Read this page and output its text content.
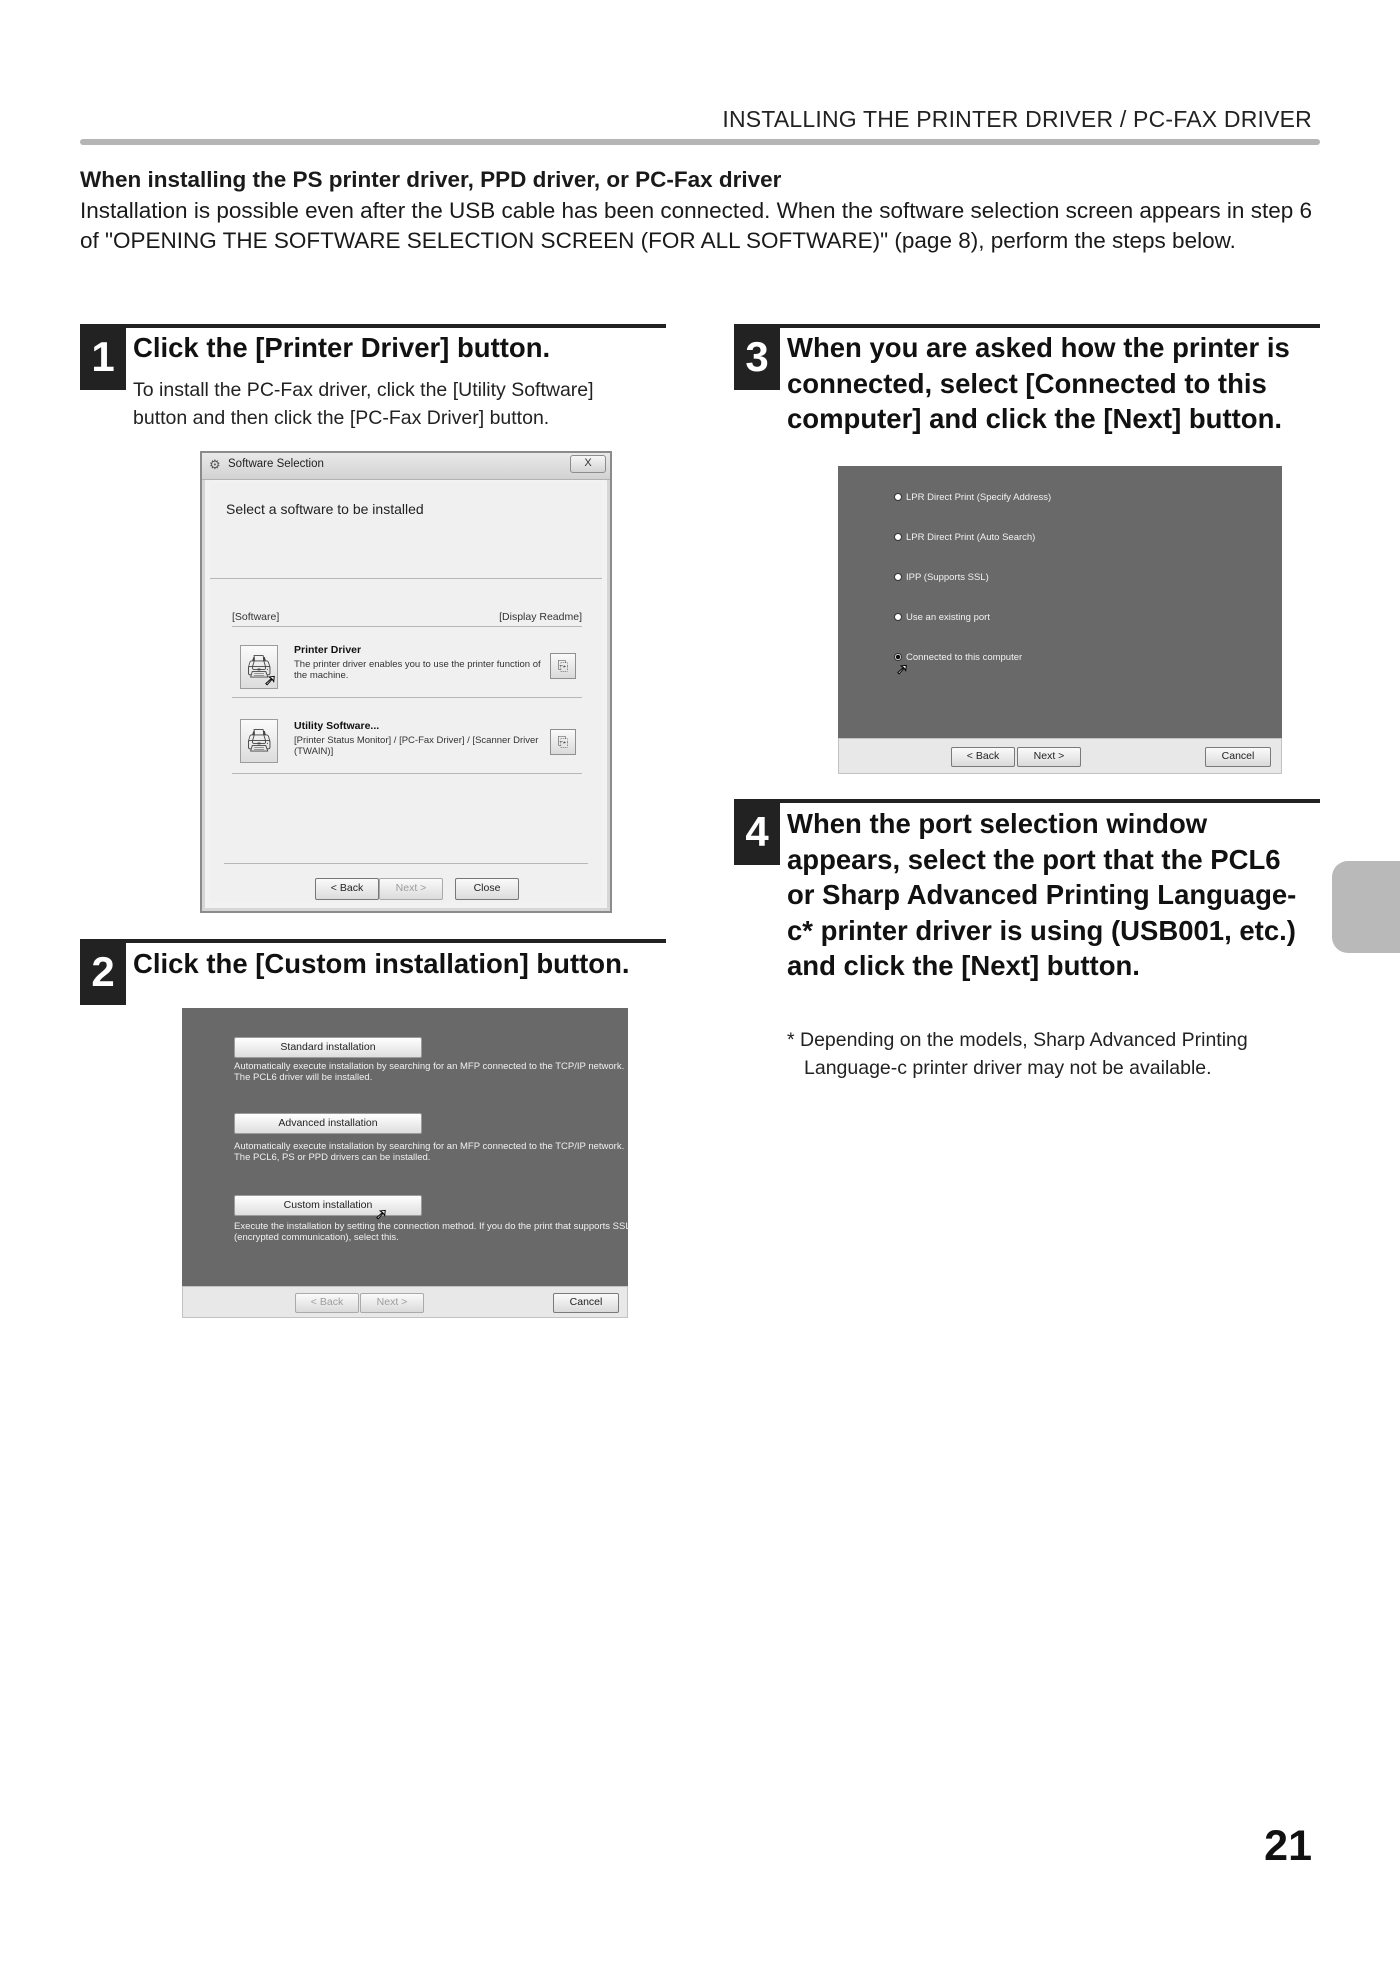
INSTALLING THE PRINTER DRIVER / PC-FAX DRIVER
When installing the PS printer driver, PPD driver, or PC-Fax driver
Installation is possible even after the USB cable has been connected. When the software selection screen appears in step 6 of "OPENING THE SOFTWARE SELECTION SCREEN (FOR ALL SOFTWARE)" (page 8), perform the steps below.
1 Click the [Printer Driver] button.
To install the PC-Fax driver, click the [Utility Software] button and then click the [PC-Fax Driver] button.
⚙ Software Selection	X
Select a software to be installed
[Software]	[Display Readme]
🖨
Printer Driver
The printer driver enables you to use the printer function of the machine.
⎘
➚
🖨
Utility Software...
[Printer Status Monitor] / [PC-Fax Driver] / [Scanner Driver (TWAIN)]
⎘
< Back	Next >	Close
2 Click the [Custom installation] button.
Standard installation
Automatically execute installation by searching for an MFP connected to the TCP/IP network. The PCL6 driver will be installed.
Advanced installation
Automatically execute installation by searching for an MFP connected to the TCP/IP network. The PCL6, PS or PPD drivers can be installed.
Custom installation
➚
Execute the installation by setting the connection method. If you do the print that supports SSL (encrypted communication), select this.
< Back	Next >	Cancel
3 When you are asked how the printer is connected, select [Connected to this computer] and click the [Next] button.
LPR Direct Print (Specify Address)
LPR Direct Print (Auto Search)
IPP (Supports SSL)
Use an existing port
Connected to this computer
➚
< Back	Next >	Cancel
4 When the port selection window appears, select the port that the PCL6 or Sharp Advanced Printing Language-c* printer driver is using (USB001, etc.) and click the [Next] button.
* Depending on the models, Sharp Advanced Printing Language-c printer driver may not be available.
21
